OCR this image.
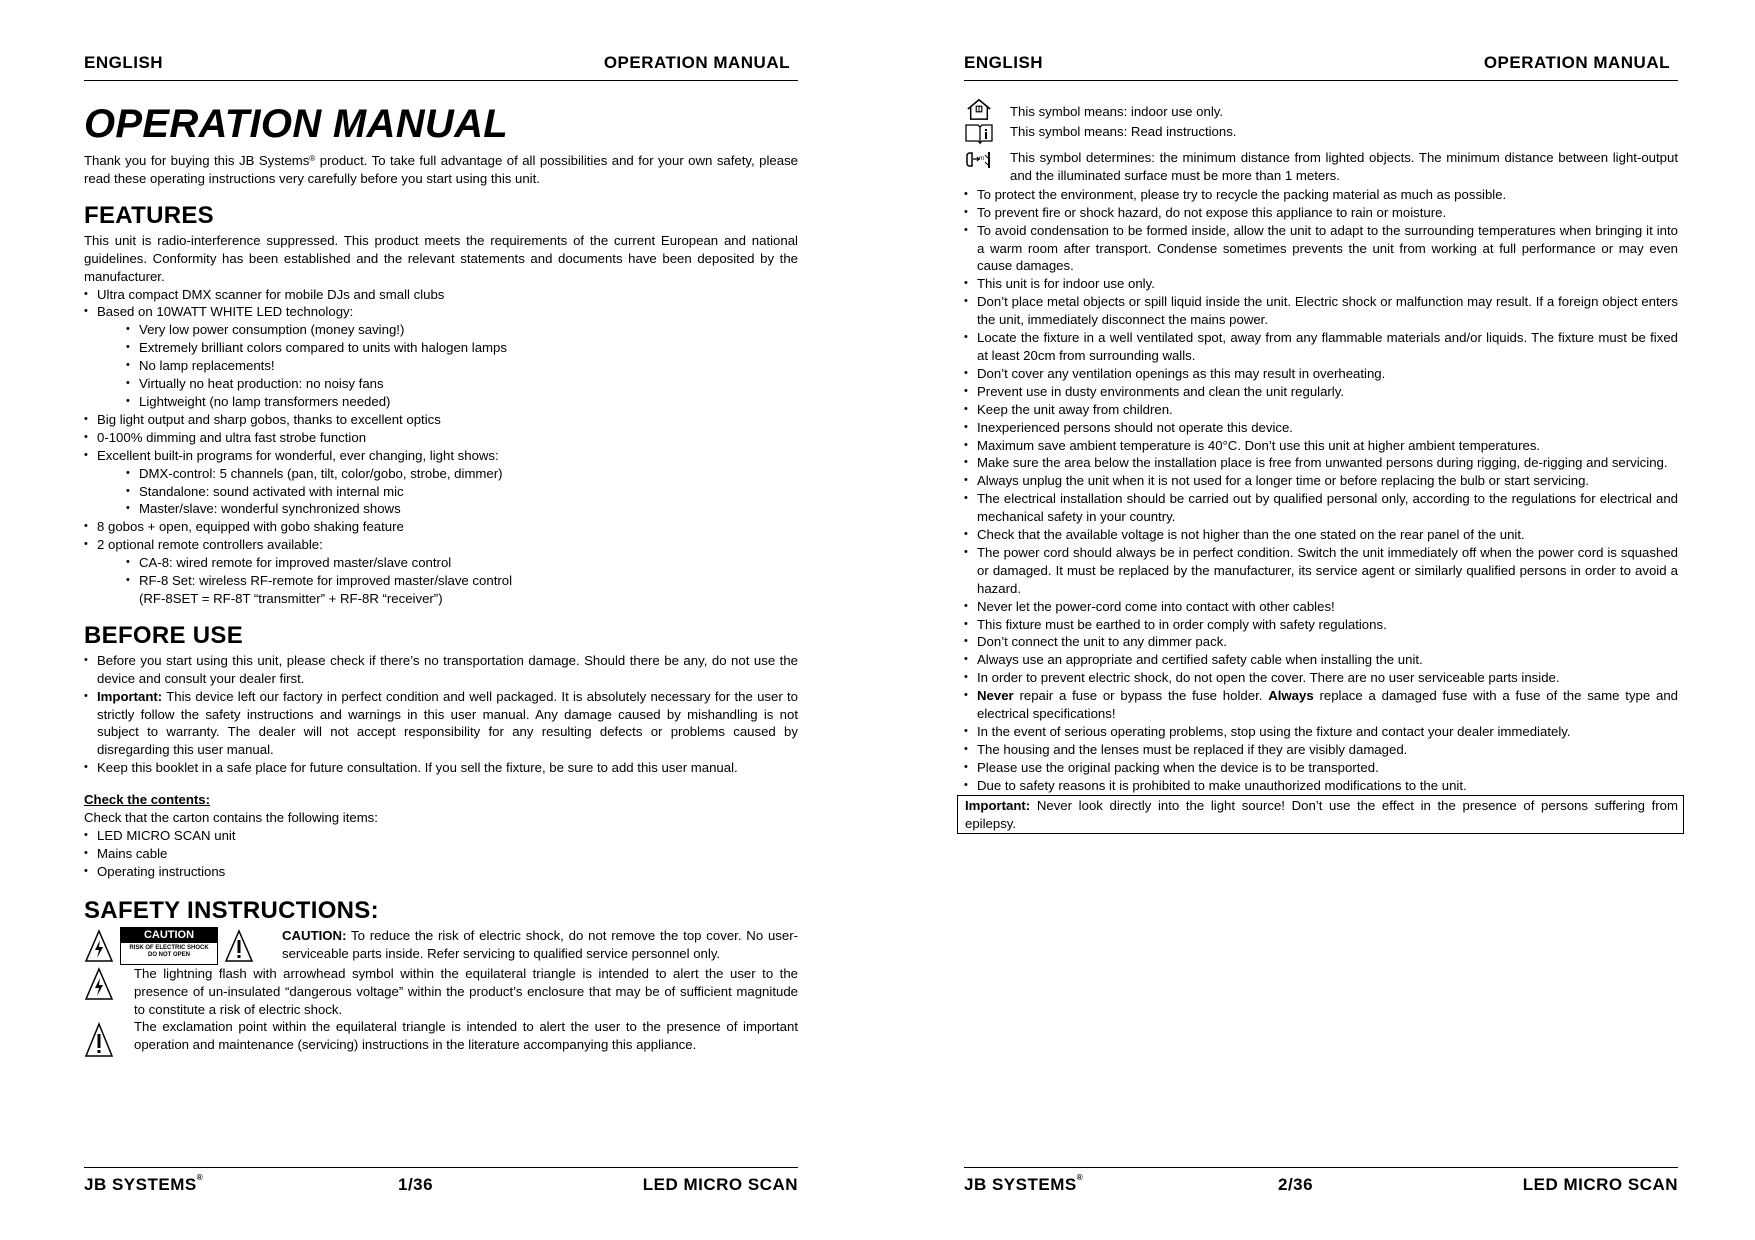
ENGLISH	OPERATION MANUAL
OPERATION MANUAL

Thank you for buying this JB Systems® product. To take full advantage of all possibilities and for your own safety, please read these operating instructions very carefully before you start using this unit.

FEATURES

This unit is radio-interference suppressed. This product meets the requirements of the current European and national guidelines. Conformity has been established and the relevant statements and documents have been deposited by the manufacturer.

• Ultra compact DMX scanner for mobile DJs and small clubs
• Based on 10WATT WHITE LED technology:
• Very low power consumption (money saving!)
• Extremely brilliant colors compared to units with halogen lamps
• No lamp replacements!
• Virtually no heat production: no noisy fans
• Lightweight (no lamp transformers needed)
• Big light output and sharp gobos, thanks to excellent optics
• 0-100% dimming and ultra fast strobe function
• Excellent built-in programs for wonderful, ever changing, light shows:
• DMX-control: 5 channels (pan, tilt, color/gobo, strobe, dimmer)
• Standalone: sound activated with internal mic
• Master/slave: wonderful synchronized shows
• 8 gobos + open, equipped with gobo shaking feature
• 2 optional remote controllers available:
• CA-8: wired remote for improved master/slave control
• RF-8 Set: wireless RF-remote for improved master/slave control
(RF-8SET = RF-8T “transmitter” + RF-8R “receiver”)
BEFORE USE
• Before you start using this unit, please check if there’s no transportation damage. Should there be any, do not use the device and consult your dealer first.
• Important: This device left our factory in perfect condition and well packaged. It is absolutely necessary for the user to strictly follow the safety instructions and warnings in this user manual. Any damage caused by mishandling is not subject to warranty. The dealer will not accept responsibility for any resulting defects or problems caused by disregarding this user manual.
• Keep this booklet in a safe place for future consultation. If you sell the fixture, be sure to add this user manual.
Check the contents:

Check that the carton contains the following items:

• LED MICRO SCAN unit
• Mains cable
• Operating instructions
SAFETY INSTRUCTIONS:
CAUTION
RISK OF ELECTRIC SHOCK
DO NOT OPEN
CAUTION: To reduce the risk of electric shock, do not remove the top cover. No user-serviceable parts inside. Refer servicing to qualified service personnel only.
The lightning flash with arrowhead symbol within the equilateral triangle is intended to alert the user to the presence of un-insulated “dangerous voltage” within the product’s enclosure that may be of sufficient magnitude to constitute a risk of electric shock.
The exclamation point within the equilateral triangle is intended to alert the user to the presence of important operation and maintenance (servicing) instructions in the literature accompanying this appliance.
JB SYSTEMS®	1/36	LED MICRO SCAN
ENGLISH	OPERATION MANUAL

This symbol means: indoor use only.

This symbol means: Read instructions.

m This symbol determines: the minimum distance from lighted objects. The minimum distance between light-output and the illuminated surface must be more than 1 meters.

• To protect the environment, please try to recycle the packing material as much as possible.
• To prevent fire or shock hazard, do not expose this appliance to rain or moisture.
• To avoid condensation to be formed inside, allow the unit to adapt to the surrounding temperatures when bringing it into a warm room after transport. Condense sometimes prevents the unit from working at full performance or may even cause damages.
• This unit is for indoor use only.
• Don’t place metal objects or spill liquid inside the unit. Electric shock or malfunction may result. If a foreign object enters the unit, immediately disconnect the mains power.
• Locate the fixture in a well ventilated spot, away from any flammable materials and/or liquids. The fixture must be fixed at least 20cm from surrounding walls.
• Don’t cover any ventilation openings as this may result in overheating.
• Prevent use in dusty environments and clean the unit regularly.
• Keep the unit away from children.
• Inexperienced persons should not operate this device.
• Maximum save ambient temperature is 40°C. Don’t use this unit at higher ambient temperatures.
• Make sure the area below the installation place is free from unwanted persons during rigging, de-rigging and servicing.
• Always unplug the unit when it is not used for a longer time or before replacing the bulb or start servicing.
• The electrical installation should be carried out by qualified personal only, according to the regulations for electrical and mechanical safety in your country.
• Check that the available voltage is not higher than the one stated on the rear panel of the unit.
• The power cord should always be in perfect condition. Switch the unit immediately off when the power cord is squashed or damaged. It must be replaced by the manufacturer, its service agent or similarly qualified persons in order to avoid a hazard.
• Never let the power-cord come into contact with other cables!
• This fixture must be earthed to in order comply with safety regulations.
• Don’t connect the unit to any dimmer pack.
• Always use an appropriate and certified safety cable when installing the unit.
• In order to prevent electric shock, do not open the cover. There are no user serviceable parts inside.
• Never repair a fuse or bypass the fuse holder. Always replace a damaged fuse with a fuse of the same type and electrical specifications!
• In the event of serious operating problems, stop using the fixture and contact your dealer immediately.
• The housing and the lenses must be replaced if they are visibly damaged.
• Please use the original packing when the device is to be transported.
• Due to safety reasons it is prohibited to make unauthorized modifications to the unit.
Important: Never look directly into the light source! Don’t use the effect in the presence of persons suffering from epilepsy.
JB SYSTEMS®	2/36	LED MICRO SCAN
